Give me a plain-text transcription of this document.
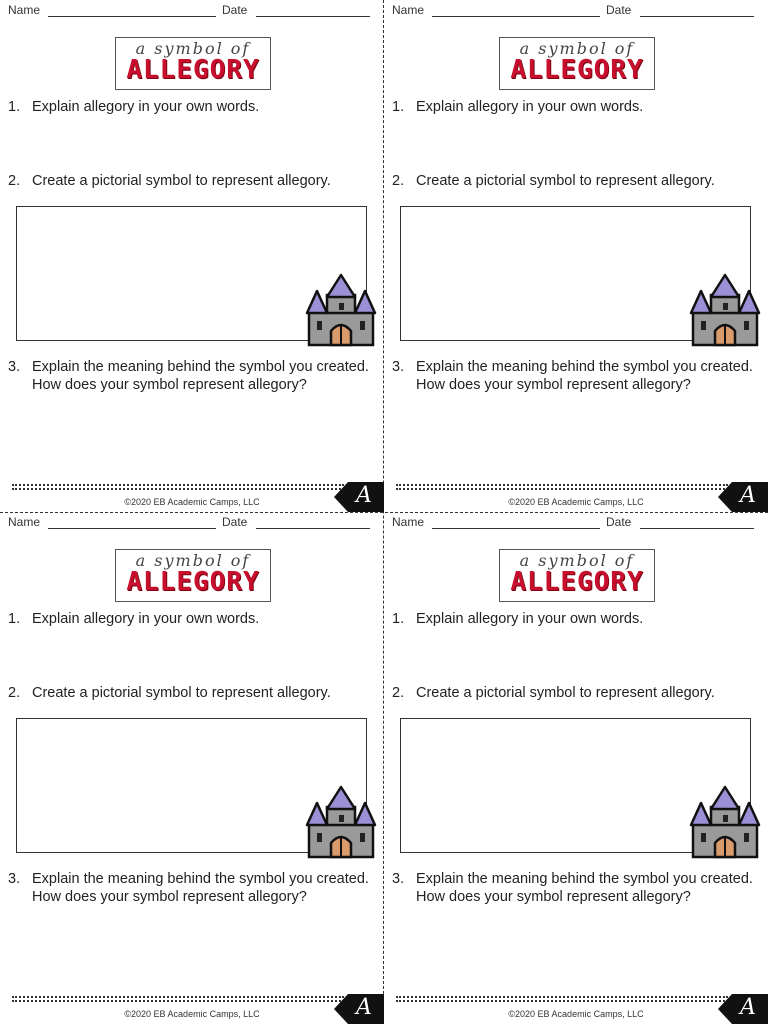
Name	Date
a symbol of
ALLEGORY
1. Explain allegory in your own words.
2. Create a pictorial symbol to represent allegory.
3. Explain the meaning behind the symbol you created. How does your symbol represent allegory?
©2020 EB Academic Camps, LLC	A
Name	Date
a symbol of
ALLEGORY
1. Explain allegory in your own words.
2. Create a pictorial symbol to represent allegory.
3. Explain the meaning behind the symbol you created. How does your symbol represent allegory?
©2020 EB Academic Camps, LLC	A
Name	Date
a symbol of
ALLEGORY
1. Explain allegory in your own words.
2. Create a pictorial symbol to represent allegory.
3. Explain the meaning behind the symbol you created. How does your symbol represent allegory?
©2020 EB Academic Camps, LLC	A
Name	Date
a symbol of
ALLEGORY
1. Explain allegory in your own words.
2. Create a pictorial symbol to represent allegory.
3. Explain the meaning behind the symbol you created. How does your symbol represent allegory?
©2020 EB Academic Camps, LLC	A
